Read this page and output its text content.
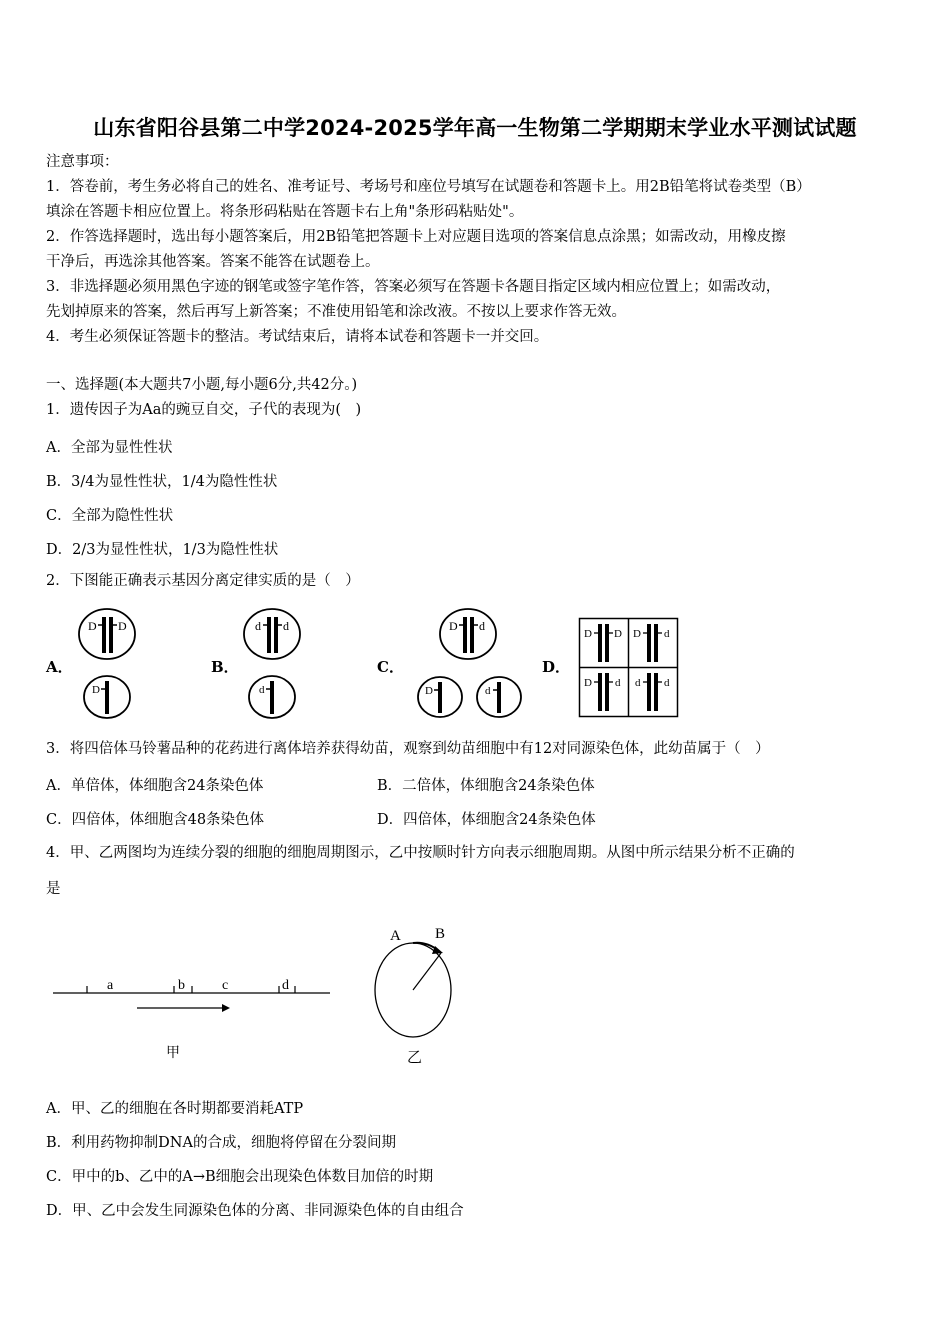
山东省阳谷县第二中学2024-2025学年高一生物第二学期期末学业水平测试试题
注意事项：
1．答卷前，考生务必将自己的姓名、准考证号、考场号和座位号填写在试题卷和答题卡上。用2B铅笔将试卷类型（B）
填涂在答题卡相应位置上。将条形码粘贴在答题卡右上角"条形码粘贴处"。
2．作答选择题时，选出每小题答案后，用2B铅笔把答题卡上对应题目选项的答案信息点涂黑；如需改动，用橡皮擦
干净后，再选涂其他答案。答案不能答在试题卷上。
3．非选择题必须用黑色字迹的钢笔或签字笔作答，答案必须写在答题卡各题目指定区域内相应位置上；如需改动，
先划掉原来的答案，然后再写上新答案；不准使用铅笔和涂改液。不按以上要求作答无效。
4．考生必须保证答题卡的整洁。考试结束后，请将本试卷和答题卡一并交回。
一、选择题(本大题共7小题,每小题6分,共42分。)
1．遗传因子为Aa的豌豆自交，子代的表现为(　)
A．全部为显性性状
B．3/4为显性性状，1/4为隐性性状
C．全部为隐性性状
D．2/3为显性性状，1/3为隐性性状
2．下图能正确表示基因分离定律实质的是（　）
A．	B．	C．	D．
D D
D
d d
d
D d
D	d
D D D d
D d d d
3．将四倍体马铃薯品种的花药进行离体培养获得幼苗，观察到幼苗细胞中有12对同源染色体，此幼苗属于（　）
A．单倍体，体细胞含24条染色体	B．二倍体，体细胞含24条染色体
C．四倍体，体细胞含48条染色体	D．四倍体，体细胞含24条染色体
4．甲、乙两图均为连续分裂的细胞的细胞周期图示，乙中按顺时针方向表示细胞周期。从图中所示结果分析不正确的
是
a	b	c	d
甲
A B
乙
A．甲、乙的细胞在各时期都要消耗ATP
B．利用药物抑制DNA的合成，细胞将停留在分裂间期
C．甲中的b、乙中的A→B细胞会出现染色体数目加倍的时期
D．甲、乙中会发生同源染色体的分离、非同源染色体的自由组合
